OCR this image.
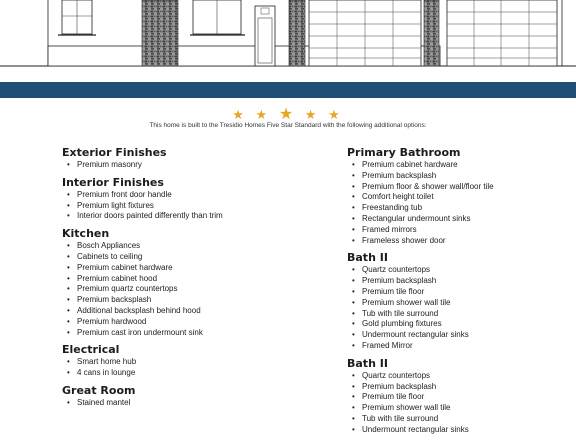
★ ★ ★ ★ ★
This home is built to the Tresidio Homes Five Star Standard with the following additional options:
Exterior Finishes
• Premium masonry
Interior Finishes
• Premium front door handle
• Premium light fixtures
• Interior doors painted differently than trim
Kitchen
• Bosch Appliances
• Cabinets to ceiling
• Premium cabinet hardware
• Premium cabinet hood
• Premium quartz countertops
• Premium backsplash
• Additional backsplash behind hood
• Premium hardwood
• Premium cast iron undermount sink
Electrical
• Smart home hub
• 4 cans in lounge
Great Room
• Stained mantel
Primary Bathroom
• Premium cabinet hardware
• Premium backsplash
• Premium floor & shower wall/floor tile
• Comfort height toilet
• Freestanding tub
• Rectangular undermount sinks
• Framed mirrors
• Frameless shower door
Bath II
• Quartz countertops
• Premium backsplash
• Premium tile floor
• Premium shower wall tile
• Tub with tile surround
• Gold plumbing fixtures
• Undermount rectangular sinks
• Framed Mirror
Bath II
• Quartz countertops
• Premium backsplash
• Premium tile floor
• Premium shower wall tile
• Tub with tile surround
• Undermount rectangular sinks
